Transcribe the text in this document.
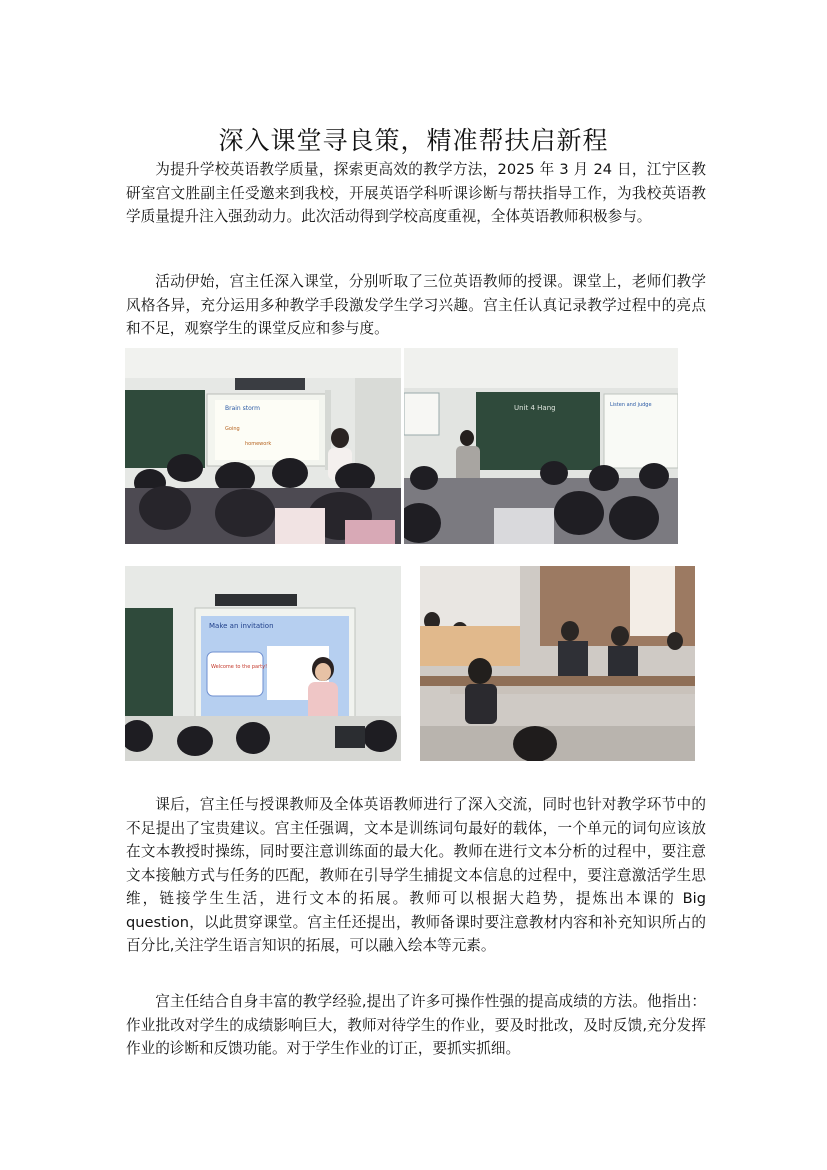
深入课堂寻良策，精准帮扶启新程

为提升学校英语教学质量，探索更高效的教学方法，2025 年 3 月 24 日，江宁区教研室宫文胜副主任受邀来到我校，开展英语学科听课诊断与帮扶指导工作，为我校英语教学质量提升注入强劲动力。此次活动得到学校高度重视，全体英语教师积极参与。

活动伊始，宫主任深入课堂，分别听取了三位英语教师的授课。课堂上，老师们教学风格各异，充分运用多种教学手段激发学生学习兴趣。宫主任认真记录教学过程中的亮点和不足，观察学生的课堂反应和参与度。

Brain storm
Going
homework
Unit 4 Hang	Listen and judge
Make an invitation
Welcome to the party!

课后，宫主任与授课教师及全体英语教师进行了深入交流，同时也针对教学环节中的不足提出了宝贵建议。宫主任强调，文本是训练词句最好的载体，一个单元的词句应该放在文本教授时操练，同时要注意训练面的最大化。教师在进行文本分析的过程中，要注意文本接触方式与任务的匹配，教师在引导学生捕捉文本信息的过程中，要注意激活学生思维，链接学生生活，进行文本的拓展。教师可以根据大趋势，提炼出本课的 Big question，以此贯穿课堂。宫主任还提出，教师备课时要注意教材内容和补充知识所占的百分比,关注学生语言知识的拓展，可以融入绘本等元素。

宫主任结合自身丰富的教学经验,提出了许多可操作性强的提高成绩的方法。他指出：作业批改对学生的成绩影响巨大，教师对待学生的作业，要及时批改，及时反馈,充分发挥作业的诊断和反馈功能。对于学生作业的订正，要抓实抓细。
